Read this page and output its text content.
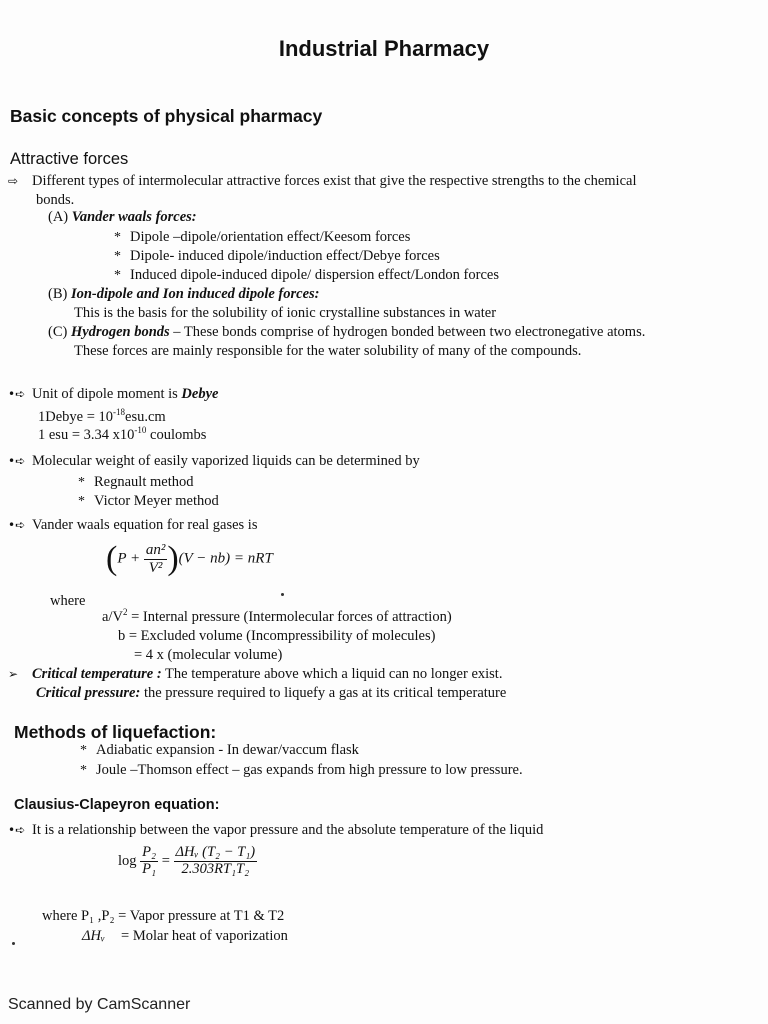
Industrial Pharmacy
Basic concepts of physical pharmacy
Attractive forces
⇨ Different types of intermolecular attractive forces exist that give the respective strengths to the chemical
bonds.
(A) Vander waals forces:
* Dipole –dipole/orientation effect/Keesom forces
* Dipole- induced dipole/induction effect/Debye forces
* Induced dipole-induced dipole/ dispersion effect/London forces
(B) Ion-dipole and Ion induced dipole forces:
This is the basis for the solubility of ionic crystalline substances in water
(C) Hydrogen bonds – These bonds comprise of hydrogen bonded between two electronegative atoms.
These forces are mainly responsible for the water solubility of many of the compounds.
•➪ Unit of dipole moment is Debye
1Debye = $10^{-18}esu.cm$
1 esu = 3.34 $x10^{-10}$ coulombs
•➪ Molecular weight of easily vaporized liquids can be determined by
* Regnault method
* Victor Meyer method
•➪ Vander waals equation for real gases is
$(P + \frac{\text{an²}}{\text{V²}} )(V - nb)$ = nRT
where
$a/V^2$ = Internal pressure (Intermolecular forces of attraction)
b = Excluded volume (Incompressibility of molecules)
= 4 x (molecular volume)
➢ Critical temperature : The temperature above which a liquid can no longer exist.
Critical pressure: the pressure required to liquefy a gas at its critical temperature
Methods of liquefaction:
* Adiabatic expansion - In dewar/vaccum flask
* Joule –Thomson effect – gas expands from high pressure to low pressure.
Clausius-Clapeyron equation:
•➪ It is a relationship between the vapor pressure and the absolute temperature of the liquid
$\log \frac{\text{P₂}}{\text{P₁}} = \frac{\text{ΔHᵥ (T₂ − T₁)}}{\text{2.303RT₁T₂}}$
where P₁ ,P₂ = Vapor pressure at T1 & T2
ΔHᵥ = Molar heat of vaporization
Scanned by CamScanner
